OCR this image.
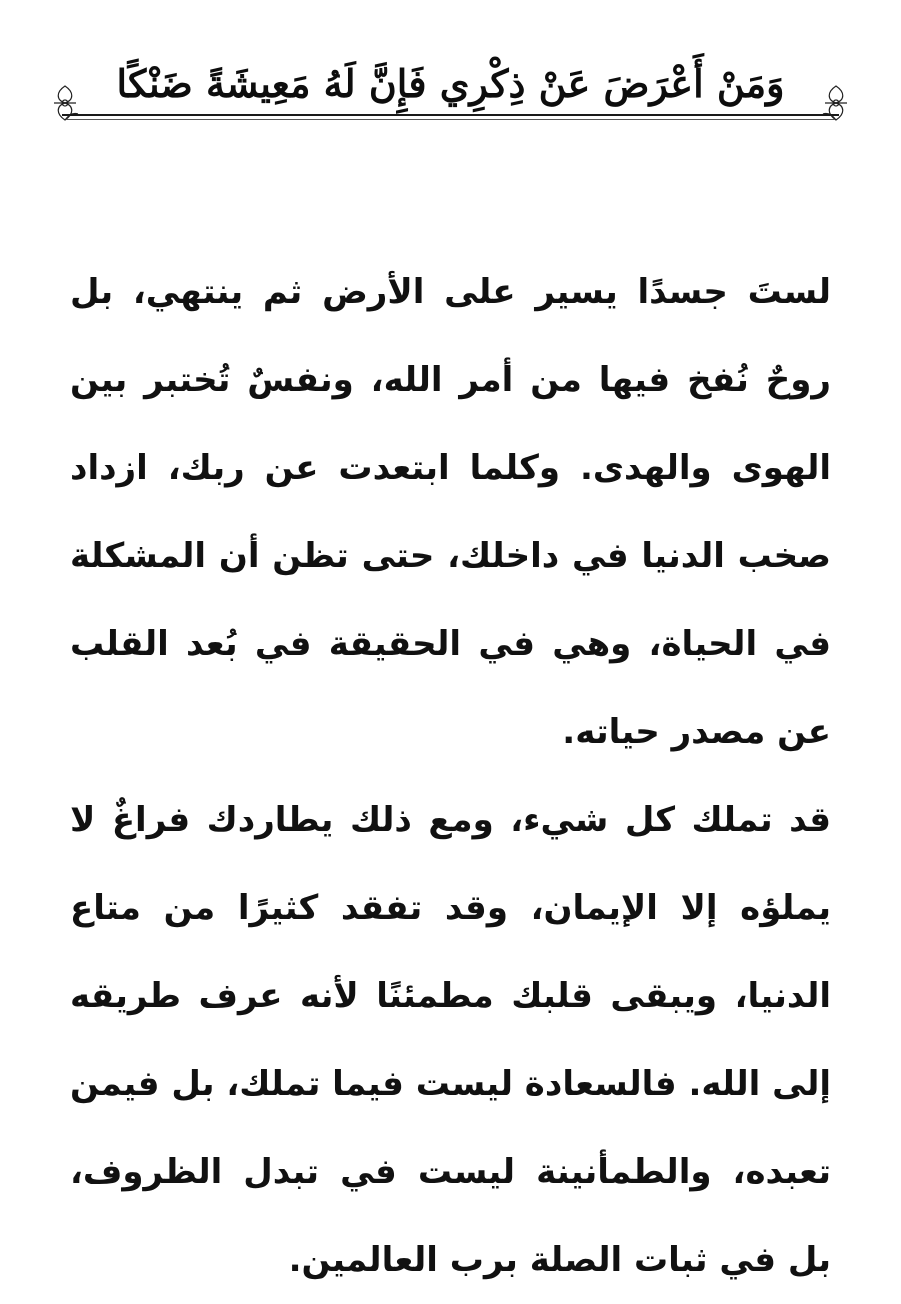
وَمَنْ أَعْرَضَ عَنْ ذِكْرِي فَإِنَّ لَهُ مَعِيشَةً ضَنْكًا

لستَ جسدًا يسير على الأرض ثم ينتهي، بل روحٌ نُفخ فيها من أمر الله، ونفسٌ تُختبر بين الهوى والهدى. وكلما ابتعدت عن ربك، ازداد صخب الدنيا في داخلك، حتى تظن أن المشكلة في الحياة، وهي في الحقيقة في بُعد القلب عن مصدر حياته.

قد تملك كل شيء، ومع ذلك يطاردك فراغٌ لا يملؤه إلا الإيمان، وقد تفقد كثيرًا من متاع الدنيا، ويبقى قلبك مطمئنًا لأنه عرف طريقه إلى الله. فالسعادة ليست فيما تملك، بل فيمن تعبده، والطمأنينة ليست في تبدل الظروف، بل في ثبات الصلة برب العالمين.
